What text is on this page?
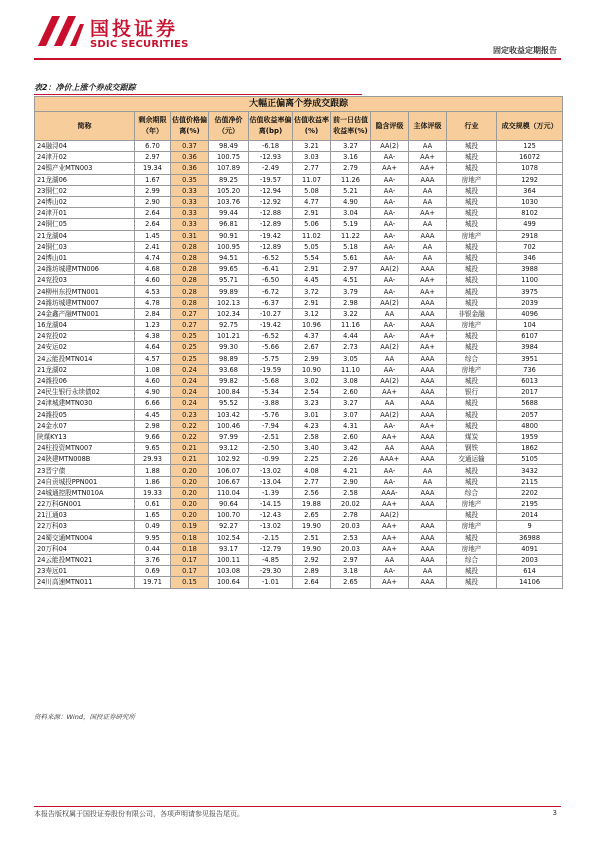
国投证券
SDIC SECURITIES
固定收益定期报告
表2：净价上涨个券成交跟踪
大幅正偏离个券成交跟踪										
简称	剩余期限（年）	估值价格偏离(%)	估值净价（元）	估值收益率偏离(bp)	估值收益率(%)	前一日估值收益率(%)	隐含评级	主体评级	行业	成交规模（万元）
24融浔04	6.70	0.37	98.49	-6.18	3.21	3.27	AA(2)	AA	城投	125
24津开02	2.97	0.36	100.75	-12.93	3.03	3.16	AA-	AA+	城投	16072
24锡产业MTN003	19.34	0.36	107.89	-2.49	2.77	2.79	AA+	AA+	城投	1078
21龙湖06	1.67	0.35	89.25	-19.57	11.07	11.26	AA-	AAA	房地产	1292
23铜仁02	2.99	0.33	105.20	-12.94	5.08	5.21	AA-	AA	城投	364
24博山02	2.90	0.33	103.76	-12.92	4.77	4.90	AA-	AA	城投	1030
24津开01	2.64	0.33	99.44	-12.88	2.91	3.04	AA-	AA+	城投	8102
24铜仁05	2.64	0.33	96.81	-12.89	5.06	5.19	AA-	AA	城投	499
21龙湖04	1.45	0.31	90.91	-19.42	11.02	11.22	AA-	AAA	房地产	2918
24铜仁03	2.41	0.28	100.95	-12.89	5.05	5.18	AA-	AA	城投	702
24博山01	4.74	0.28	94.51	-6.52	5.54	5.61	AA-	AA	城投	346
24潍坊城建MTN006	4.68	0.28	99.65	-6.41	2.91	2.97	AA(2)	AAA	城投	3988
24兖投03	4.60	0.28	95.71	-6.50	4.45	4.51	AA-	AA+	城投	1100
24柳州东投MTN001	4.53	0.28	99.89	-6.72	3.72	3.79	AA-	AA+	城投	3975
24潍坊城建MTN007	4.78	0.28	102.13	-6.37	2.91	2.98	AA(2)	AAA	城投	2039
24金鑫产融MTN001	2.84	0.27	102.34	-10.27	3.12	3.22	AA	AAA	非银金融	4096
16龙湖04	1.23	0.27	92.75	-19.42	10.96	11.16	AA-	AAA	房地产	104
24兖投02	4.38	0.25	101.21	-6.52	4.37	4.44	AA-	AA+	城投	6107
24安运02	4.64	0.25	99.30	-5.66	2.67	2.73	AA(2)	AA+	城投	3984
24云能投MTN014	4.57	0.25	98.89	-5.75	2.99	3.05	AA	AAA	综合	3951
21龙湖02	1.08	0.24	93.68	-19.59	10.90	11.10	AA-	AAA	房地产	736
24潍投06	4.60	0.24	99.82	-5.68	3.02	3.08	AA(2)	AAA	城投	6013
24民生银行永续债02	4.90	0.24	100.84	-5.34	2.54	2.60	AA+	AAA	银行	2017
24津城建MTN030	6.66	0.24	95.52	-3.88	3.23	3.27	AA	AAA	城投	5688
24潍投05	4.45	0.23	103.42	-5.76	3.01	3.07	AA(2)	AAA	城投	2057
24金水07	2.98	0.22	100.46	-7.94	4.23	4.31	AA-	AA+	城投	4800
陕煤KY13	9.66	0.22	97.99	-2.51	2.58	2.60	AA+	AAA	煤炭	1959
24柱投资MTN007	9.65	0.21	93.12	-2.50	3.40	3.42	AA	AAA	钢铁	1862
24陕建MTN008B	29.93	0.21	102.92	-0.99	2.25	2.26	AAA+	AAA	交通运输	5105
23晋宁债	1.88	0.20	106.07	-13.02	4.08	4.21	AA-	AA	城投	3432
24自贡城投PPN001	1.86	0.20	106.67	-13.04	2.77	2.90	AA-	AA	城投	2115
24城通控股MTN010A	19.33	0.20	110.04	-1.39	2.56	2.58	AAA-	AAA	综合	2202
22万科GN001	0.61	0.20	90.64	-14.15	19.88	20.02	AA+	AAA	房地产	2195
21江通03	1.65	0.20	100.70	-12.43	2.65	2.78	AA(2)		城投	2014
22万科03	0.49	0.19	92.27	-13.02	19.90	20.03	AA+	AAA	房地产	9
24蜀交通MTN004	9.95	0.18	102.54	-2.15	2.51	2.53	AA+	AAA	城投	36988
20万科04	0.44	0.18	93.17	-12.79	19.90	20.03	AA+	AAA	房地产	4091
24云能投MTN021	3.76	0.17	100.11	-4.85	2.92	2.97	AA	AAA	综合	2003
23寿远01	0.69	0.17	103.08	-29.30	2.89	3.18	AA-	AA	城投	614
24川高速MTN011	19.71	0.15	100.64	-1.01	2.64	2.65	AA+	AAA	城投	14106
资料来源：Wind，国投证券研究所
本报告版权属于国投证券股份有限公司，各项声明请参见报告尾页。	3
